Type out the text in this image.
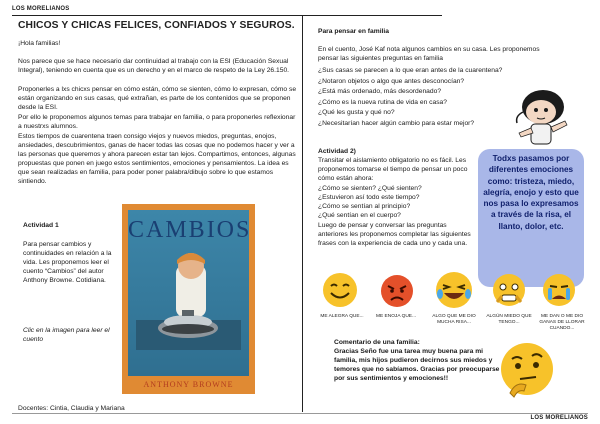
LOS MORELIANOS
CHICOS Y CHICAS FELICES, CONFIADOS Y SEGUROS.
¡Hola familias!
Nos parece que se hace necesario dar continuidad al trabajo con la ESI (Educación Sexual Integral), teniendo en cuenta que es un derecho y en el marco de respeto de la Ley 26.150.
Proponerles a lxs chicxs pensar en cómo están, cómo se sienten, cómo lo expresan, cómo se están organizando en sus casas, qué extrañan, es parte de los contenidos que se proponen desde la ESI.
Por ello le proponemos algunos temas para trabajar en familia, o para proponerles reflexionar a nuestrxs alumnos.
Estos tiempos de cuarentena traen consigo viejos y nuevos miedos, preguntas, enojos, ansiedades, descubrimientos, ganas de hacer todas las cosas que no podemos hacer y ver a las personas que queremos y ahora parecen estar tan lejos. Compartimos, entonces, algunas propuestas que ponen en juego estos sentimientos, emociones y pensamientos. La idea es que sean realizadas en familia, para poder poner palabra/dibujo sobre lo que estamos sintiendo.
Actividad 1
Para pensar cambios y continuidades en relación a la vida. Les proponemos leer el cuento “Cambios” del autor Anthony Browne. Cotidiana.
Clic en la imagen para leer el cuento
CAMBIOS
ANTHONY BROWNE
Docentes: Cintia, Claudia y Mariana
Para pensar en familia
En el cuento, José Kaf nota algunos cambios en su casa. Les proponemos pensar las siguientes preguntas en familia
¿Sus casas se parecen a lo que eran antes de la cuarentena?
¿Notaron objetos o algo que antes desconocían?
¿Está más ordenado, más desordenado?
¿Cómo es la nueva rutina de vida en casa?
¿Qué les gusta y qué no?
¿Necesitarían hacer algún cambio para estar mejor?
Actividad 2)
Transitar el aislamiento obligatorio no es fácil. Les proponemos tomarse el tiempo de pensar un poco cómo están ahora:
¿Cómo se sienten? ¿Qué sienten?
¿Estuvieron así todo este tiempo?
¿Cómo se sentían al principio?
¿Qué sentían en el cuerpo?
Luego de pensar y conversar las preguntas anteriores les proponemos completar las siguientes frases con la experiencia de cada uno y cada una.
Todxs pasamos por diferentes emociones como: tristeza, miedo, alegría, enojo y esto que nos pasa lo expresamos a través de la risa, el llanto, dolor, etc.
ME ALEGRA QUE...	ME ENOJA QUE...	ALGO QUE ME DIO MUCHA RISA...
ALGÚN MIEDO QUE TENGO...
ME DAN O ME DIO GANAS DE LLORAR CUANDO...
Comentario de una familia:
Gracias Seño fue una tarea muy buena para mi familia, mis hijos pudieron decirnos sus miedos y temores que no sabíamos. Gracias por preocuparse por sus sentimientos y emociones!!
LOS MORELIANOS
